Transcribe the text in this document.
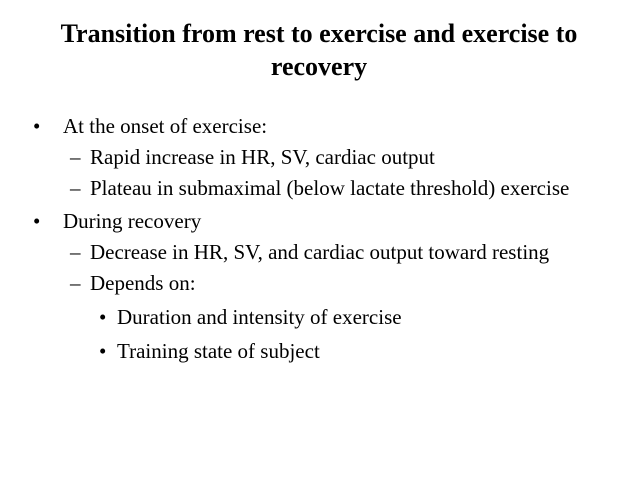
Transition from rest to exercise and exercise to recovery
• At the onset of exercise:
– Rapid increase in HR, SV, cardiac output
– Plateau in submaximal (below lactate threshold) exercise
• During recovery
– Decrease in HR, SV, and cardiac output toward resting
– Depends on:
• Duration and intensity of exercise
• Training state of subject
